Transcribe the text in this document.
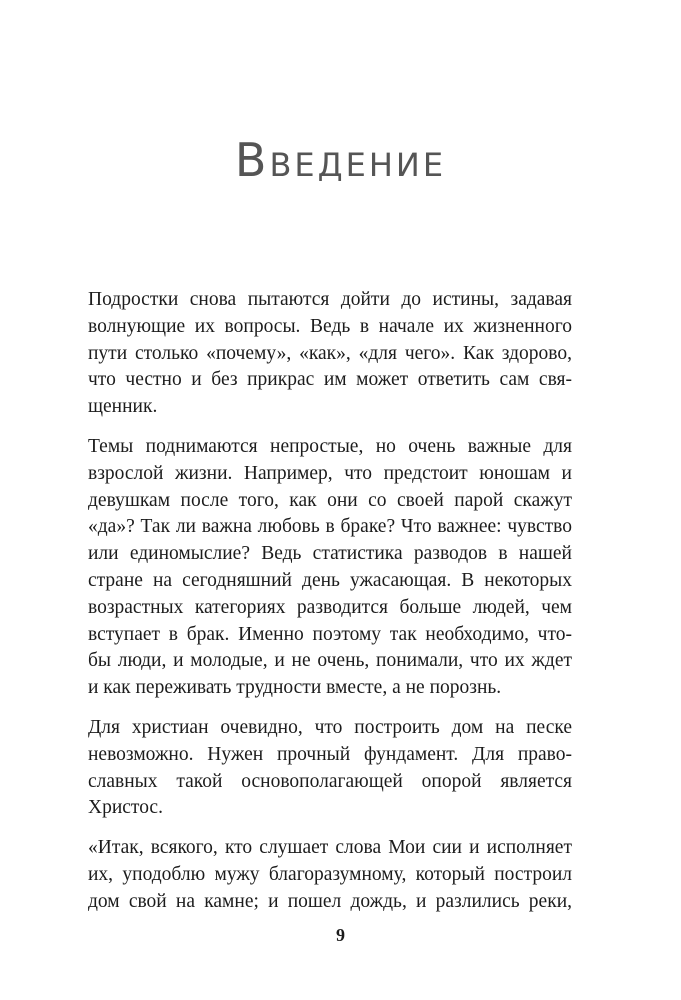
Введение

Подростки снова пытаются дойти до истины, задавая
волнующие их вопросы. Ведь в начале их жизненного
пути столько «почему», «как», «для чего». Как здорово,
что честно и без прикрас им может ответить сам свя-
щенник.

Темы поднимаются непростые, но очень важные для
взрослой жизни. Например, что предстоит юношам и
девушкам после того, как они со своей парой скажут
«да»? Так ли важна любовь в браке? Что важнее: чувство
или единомыслие? Ведь статистика разводов в нашей
стране на сегодняшний день ужасающая. В некоторых
возрастных категориях разводится больше людей, чем
вступает в брак. Именно поэтому так необходимо, что-
бы люди, и молодые, и не очень, понимали, что их ждет
и как переживать трудности вместе, а не порознь.

Для христиан очевидно, что построить дом на песке
невозможно. Нужен прочный фундамент. Для право-
славных такой основополагающей опорой является
Христос.

«Итак, всякого, кто слушает слова Мои сии и исполняет
их, уподоблю мужу благоразумному, который построил
дом свой на камне; и пошел дождь, и разлились реки,

9
